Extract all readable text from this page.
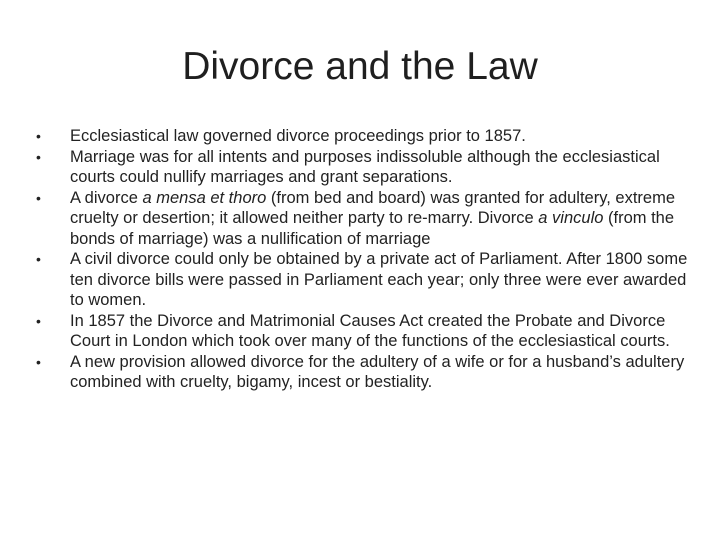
Divorce and the Law
•	Ecclesiastical law governed divorce proceedings prior to 1857.
•	Marriage was for all intents and purposes indissoluble although the ecclesiastical courts could nullify marriages and grant separations.
•	A divorce a mensa et thoro (from bed and board) was granted for adultery, extreme cruelty or desertion; it allowed neither party to re-marry. Divorce a vinculo (from the bonds of marriage) was a nullification of marriage
•	A civil divorce could only be obtained by a private act of Parliament. After 1800 some ten divorce bills were passed in Parliament each year; only three were ever awarded to women.
•	In 1857 the Divorce and Matrimonial Causes Act created the Probate and Divorce Court in London which took over many of the functions of the ecclesiastical courts.
•	A new provision allowed divorce for the adultery of a wife or for a husband’s adultery combined with cruelty, bigamy, incest or bestiality.
